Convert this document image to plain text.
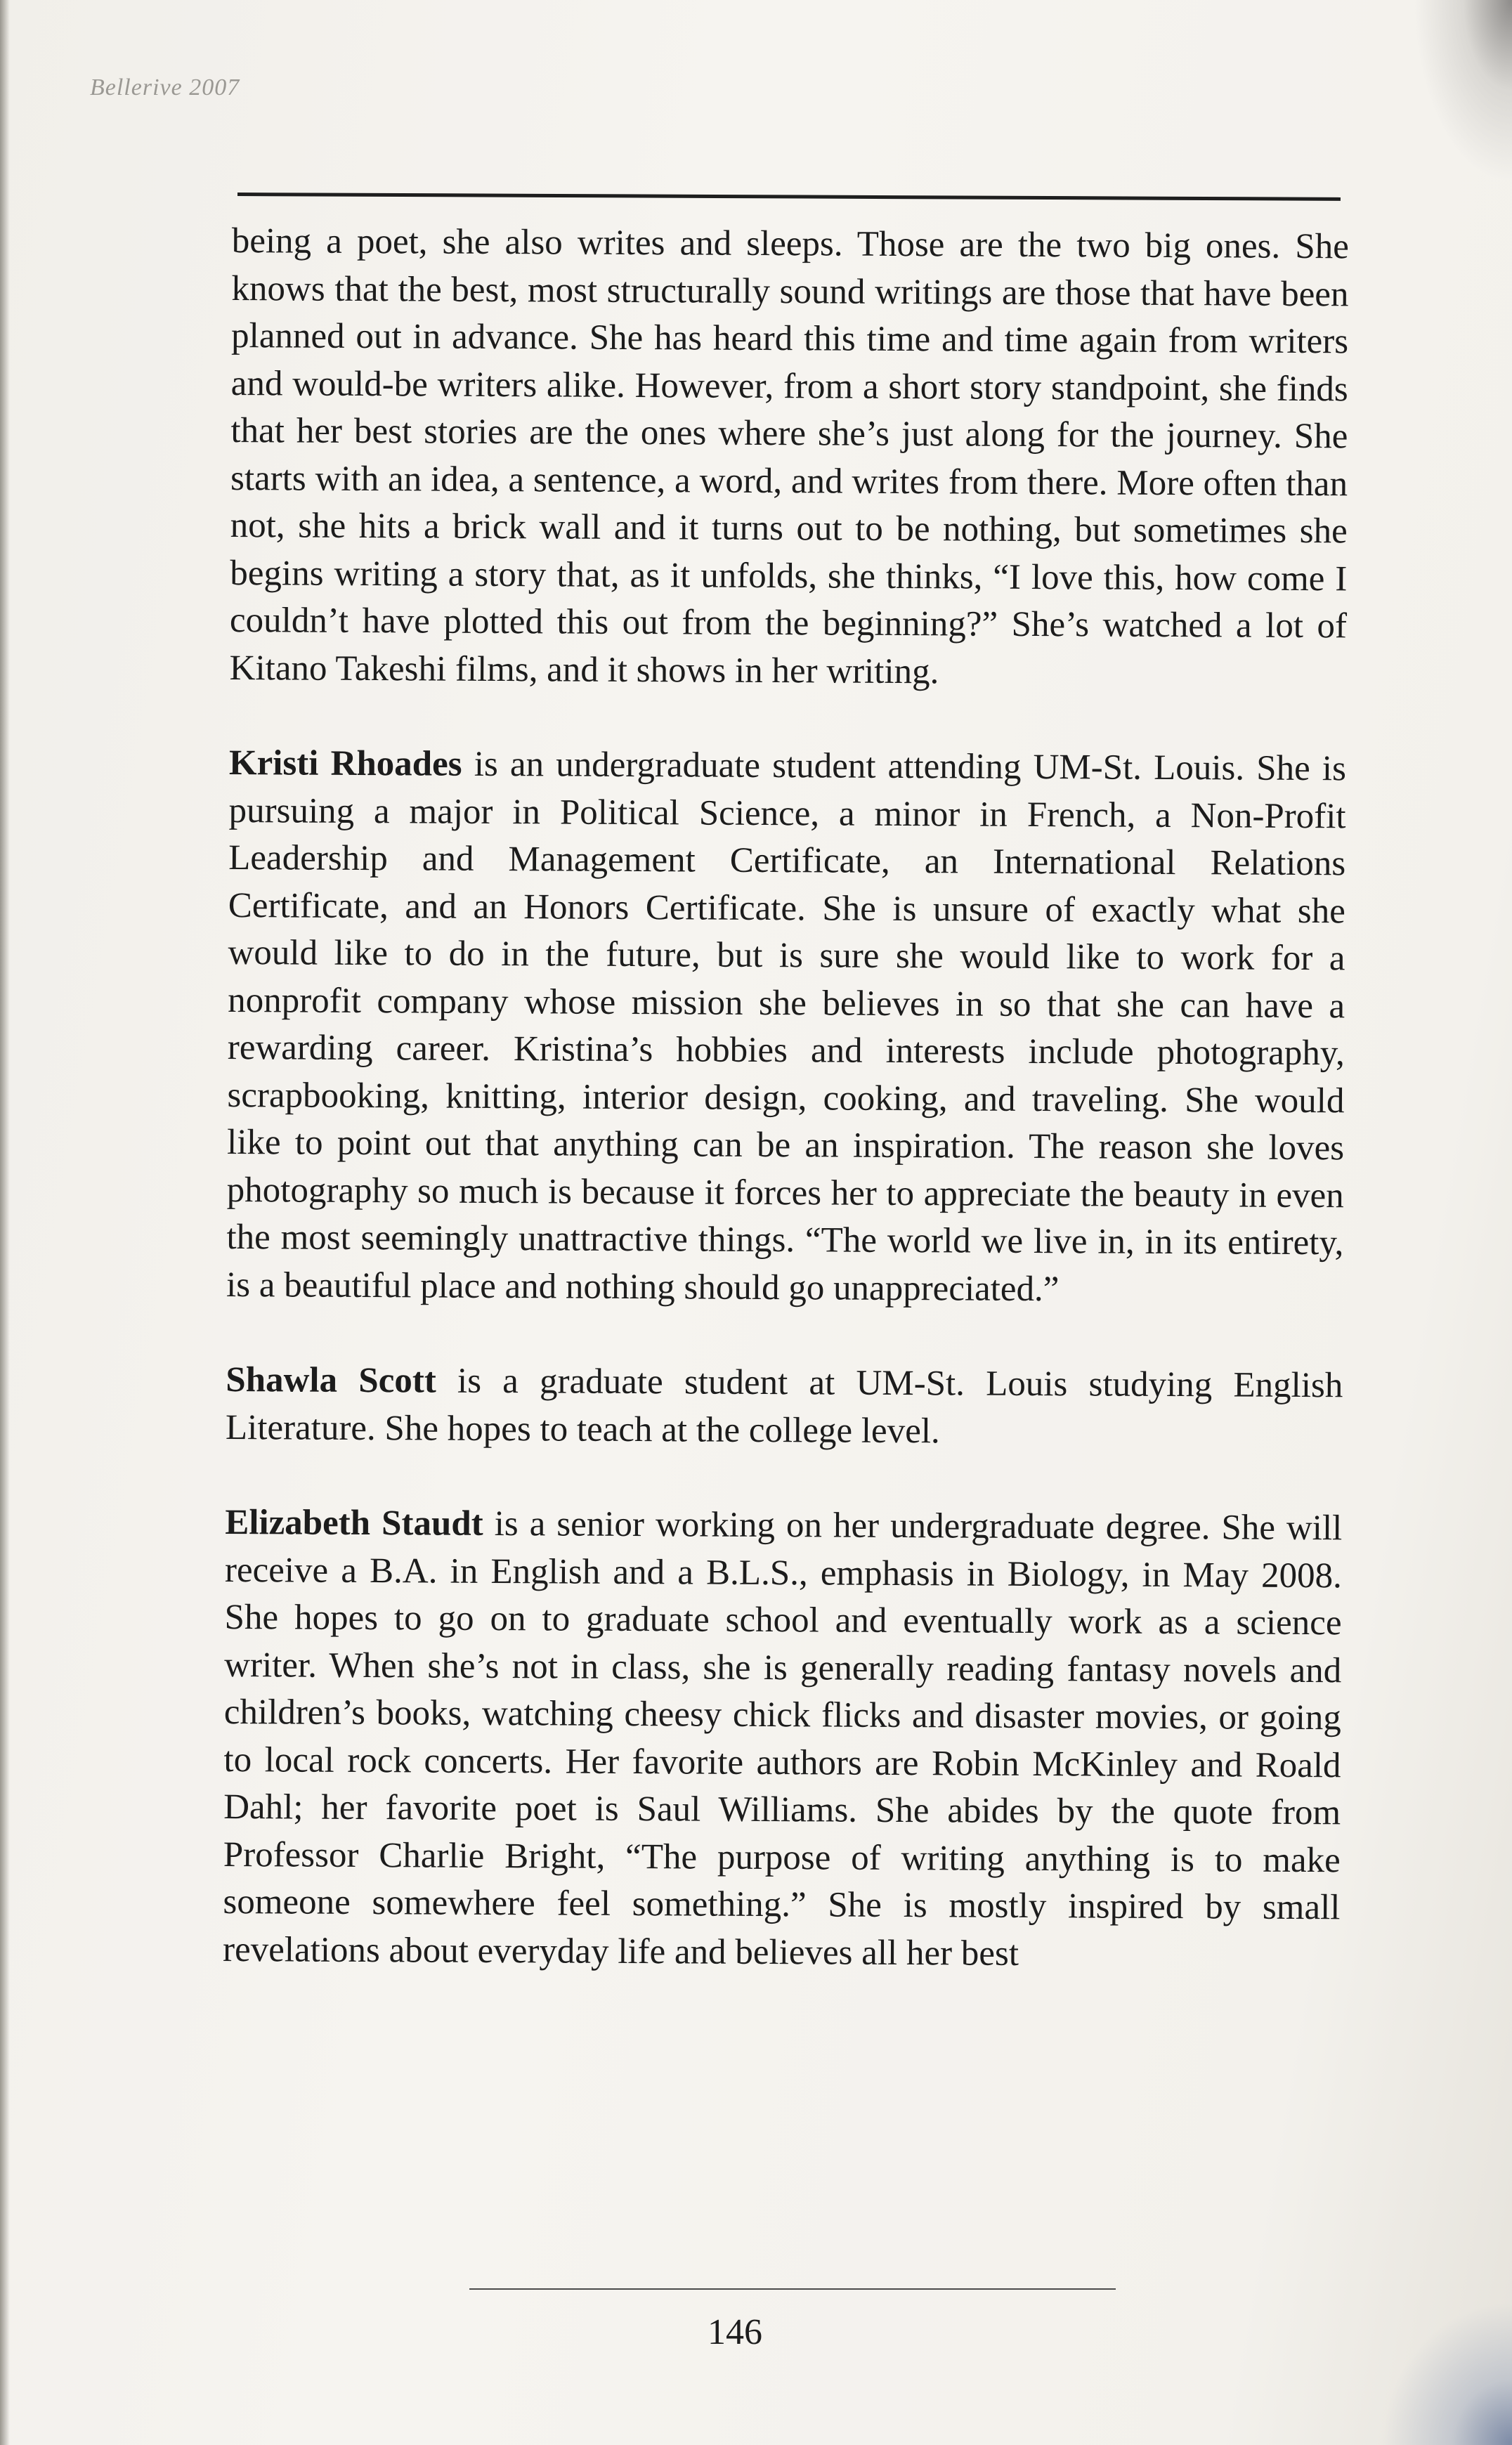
Bellerive 2007

being a poet, she also writes and sleeps. Those are the two big ones. She knows that the best, most structurally sound writings are those that have been planned out in advance. She has heard this time and time again from writers and would-be writers alike. However, from a short story standpoint, she finds that her best stories are the ones where she’s just along for the journey. She starts with an idea, a sentence, a word, and writes from there. More often than not, she hits a brick wall and it turns out to be nothing, but sometimes she begins writing a story that, as it unfolds, she thinks, “I love this, how come I couldn’t have plotted this out from the beginning?” She’s watched a lot of Kitano Takeshi films, and it shows in her writing.

Kristi Rhoades is an undergraduate student attending UM-St. Louis. She is pursuing a major in Political Science, a minor in French, a Non-Profit Leadership and Management Certificate, an International Relations Certificate, and an Honors Certificate. She is unsure of exactly what she would like to do in the future, but is sure she would like to work for a nonprofit company whose mission she believes in so that she can have a rewarding career. Kristina’s hobbies and interests include photography, scrapbooking, knitting, interior design, cooking, and traveling. She would like to point out that anything can be an inspiration. The reason she loves photography so much is because it forces her to appreciate the beauty in even the most seemingly unattractive things. “The world we live in, in its entirety, is a beautiful place and nothing should go unappreciated.”

Shawla Scott is a graduate student at UM-St. Louis studying English Literature. She hopes to teach at the college level.

Elizabeth Staudt is a senior working on her undergraduate degree. She will receive a B.A. in English and a B.L.S., emphasis in Biology, in May 2008. She hopes to go on to graduate school and eventually work as a science writer. When she’s not in class, she is generally reading fantasy novels and children’s books, watching cheesy chick flicks and disaster movies, or going to local rock concerts. Her favorite authors are Robin McKinley and Roald Dahl; her favorite poet is Saul Williams. She abides by the quote from Professor Charlie Bright, “The purpose of writing anything is to make someone somewhere feel something.” She is mostly inspired by small revelations about everyday life and believes all her best

146
